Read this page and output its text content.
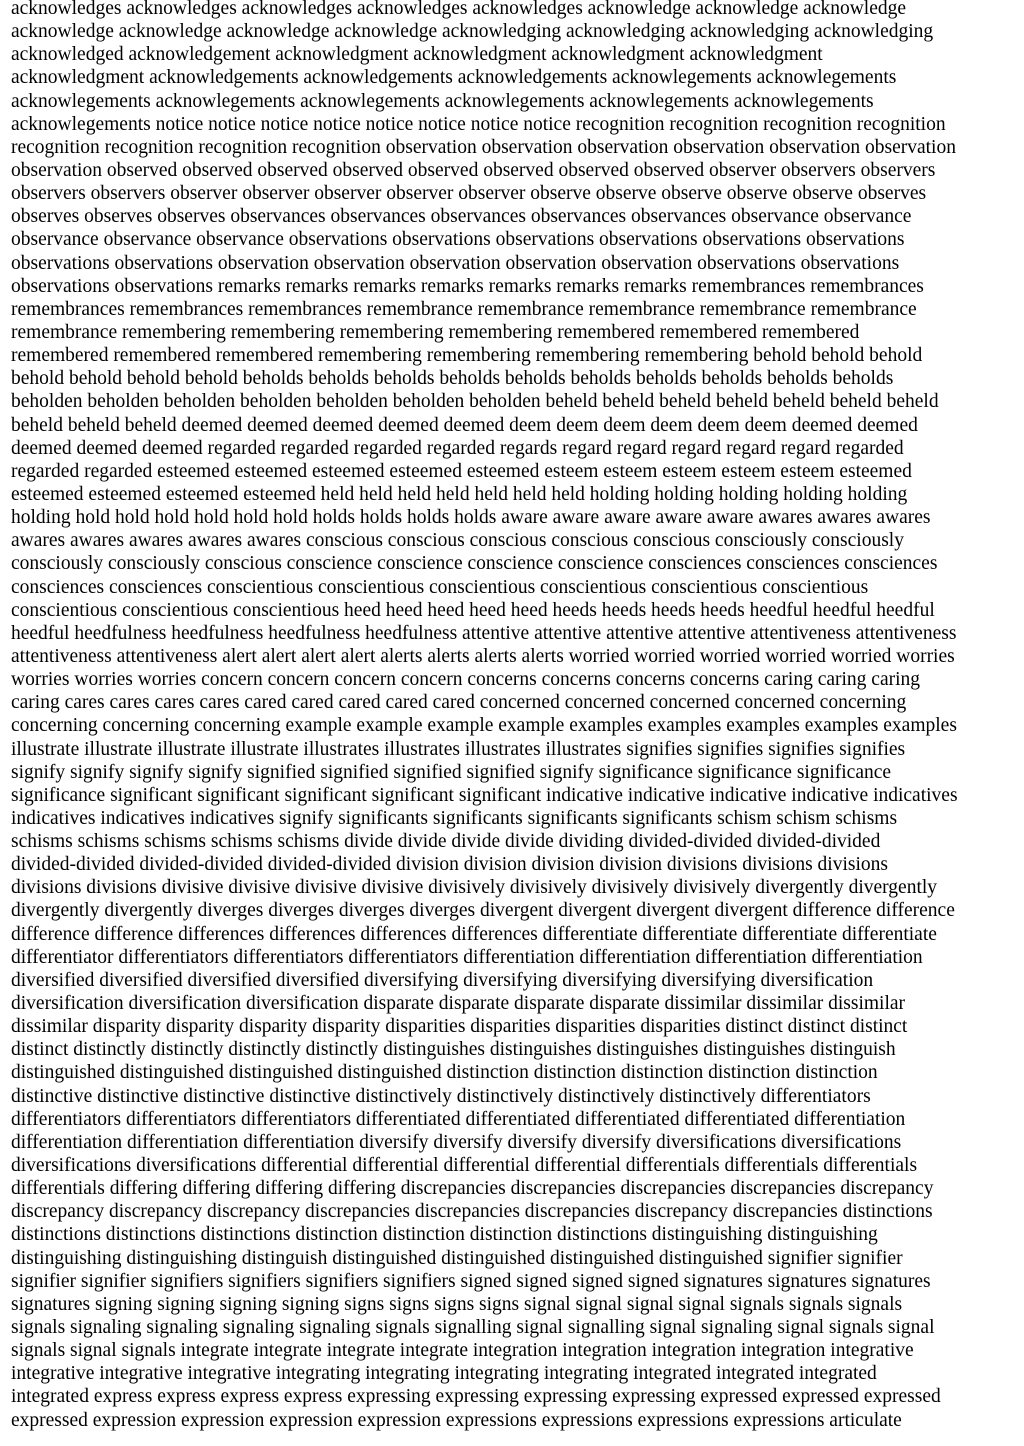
acknowledges acknowledges acknowledges acknowledges acknowledges acknowledge acknowledge acknowledge
acknowledge acknowledge acknowledge acknowledge acknowledging acknowledging acknowledging acknowledging
acknowledged acknowledgement acknowledgment acknowledgment acknowledgment acknowledgment
acknowledgment acknowledgements acknowledgements acknowledgements acknowlegements acknowlegements
acknowlegements acknowlegements acknowlegements acknowlegements acknowlegements acknowlegements
acknowlegements notice notice notice notice notice notice notice notice recognition recognition recognition recognition
recognition recognition recognition recognition observation observation observation observation observation observation
observation observed observed observed observed observed observed observed observed observer observers observers
observers observers observer observer observer observer observer observe observe observe observe observe observes
observes observes observes observances observances observances observances observances observance observance
observance observance observance observations observations observations observations observations observations
observations observations observation observation observation observation observation observations observations
observations observations remarks remarks remarks remarks remarks remarks remarks remembrances remembrances
remembrances remembrances remembrances remembrance remembrance remembrance remembrance remembrance
remembrance remembering remembering remembering remembering remembered remembered remembered
remembered remembered remembered remembering remembering remembering remembering behold behold behold
behold behold behold behold beholds beholds beholds beholds beholds beholds beholds beholds beholds beholds
beholden beholden beholden beholden beholden beholden beholden beheld beheld beheld beheld beheld beheld beheld
beheld beheld beheld deemed deemed deemed deemed deemed deem deem deem deem deem deem deemed deemed
deemed deemed deemed regarded regarded regarded regarded regards regard regard regard regard regard regarded
regarded regarded esteemed esteemed esteemed esteemed esteemed esteem esteem esteem esteem esteem esteemed
esteemed esteemed esteemed esteemed held held held held held held held holding holding holding holding holding
holding hold hold hold hold hold hold holds holds holds holds aware aware aware aware aware awares awares awares
awares awares awares awares awares conscious conscious conscious conscious conscious consciously consciously
consciously consciously conscious conscience conscience conscience conscience consciences consciences consciences
consciences consciences conscientious conscientious conscientious conscientious conscientious conscientious
conscientious conscientious conscientious heed heed heed heed heed heeds heeds heeds heeds heedful heedful heedful
heedful heedfulness heedfulness heedfulness heedfulness attentive attentive attentive attentive attentiveness attentiveness
attentiveness attentiveness alert alert alert alert alerts alerts alerts alerts worried worried worried worried worried worries
worries worries worries concern concern concern concern concerns concerns concerns concerns caring caring caring
caring cares cares cares cares cared cared cared cared cared concerned concerned concerned concerned concerning
concerning concerning concerning example example example example examples examples examples examples examples
illustrate illustrate illustrate illustrate illustrates illustrates illustrates illustrates signifies signifies signifies signifies
signify signify signify signify signified signified signified signified signify significance significance significance
significance significant significant significant significant significant indicative indicative indicative indicative indicatives
indicatives indicatives indicatives signify significants significants significants significants schism schism schisms
schisms schisms schisms schisms schisms divide divide divide divide dividing divided-divided divided-divided
divided-divided divided-divided divided-divided division division division division divisions divisions divisions
divisions divisions divisive divisive divisive divisive divisively divisively divisively divisively divergently divergently
divergently divergently diverges diverges diverges diverges divergent divergent divergent divergent difference difference
difference difference differences differences differences differences differentiate differentiate differentiate differentiate
differentiator differentiators differentiators differentiators differentiation differentiation differentiation differentiation
diversified diversified diversified diversified diversifying diversifying diversifying diversifying diversification
diversification diversification diversification disparate disparate disparate disparate dissimilar dissimilar dissimilar
dissimilar disparity disparity disparity disparity disparities disparities disparities disparities distinct distinct distinct
distinct distinctly distinctly distinctly distinctly distinguishes distinguishes distinguishes distinguishes distinguish
distinguished distinguished distinguished distinguished distinction distinction distinction distinction distinction
distinctive distinctive distinctive distinctive distinctively distinctively distinctively distinctively differentiators
differentiators differentiators differentiators differentiated differentiated differentiated differentiated differentiation
differentiation differentiation differentiation diversify diversify diversify diversify diversifications diversifications
diversifications diversifications differential differential differential differential differentials differentials differentials
differentials differing differing differing differing discrepancies discrepancies discrepancies discrepancies discrepancy
discrepancy discrepancy discrepancy discrepancies discrepancies discrepancies discrepancy discrepancies distinctions
distinctions distinctions distinctions distinction distinction distinction distinctions distinguishing distinguishing
distinguishing distinguishing distinguish distinguished distinguished distinguished distinguished signifier signifier
signifier signifier signifiers signifiers signifiers signifiers signed signed signed signed signatures signatures signatures
signatures signing signing signing signing signs signs signs signs signal signal signal signal signals signals signals
signals signaling signaling signaling signaling signals signalling signal signalling signal signaling signal signals signal
signals signal signals integrate integrate integrate integrate integration integration integration integration integrative
integrative integrative integrative integrating integrating integrating integrating integrated integrated integrated
integrated express express express express expressing expressing expressing expressing expressed expressed expressed
expressed expression expression expression expression expressions expressions expressions expressions articulate
